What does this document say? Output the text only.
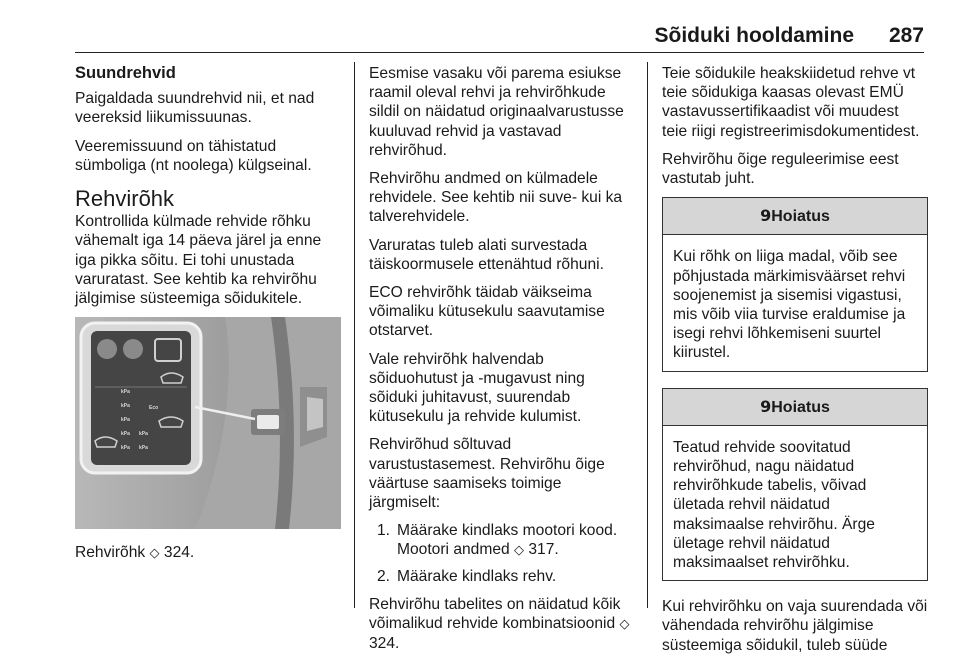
Sõiduki hooldamine 287
Suundrehvid

Paigaldada suundrehvid nii, et nad veereksid liikumissuunas.

Veeremissuund on tähistatud sümboliga (nt noolega) külgseinal.

Rehvirõhk

Kontrollida külmade rehvide rõhku vähemalt iga 14 päeva järel ja enne iga pikka sõitu. Ei tohi unustada varuratast. See kehtib ka rehvirõhu jälgimise süsteemiga sõidukitele.

kPa
kPa
kPa
kPa
kPa
kPa
kPa
Eco

Rehvirõhk ◇ 324.

Eesmise vasaku või parema esiukse raamil oleval rehvi ja rehvirõhkude sildil on näidatud originaalvarustusse kuuluvad rehvid ja vastavad rehvirõhud.

Rehvirõhu andmed on külmadele rehvidele. See kehtib nii suve- kui ka talverehvidele.

Varuratas tuleb alati survestada täiskoormusele ettenähtud rõhuni.

ECO rehvirõhk täidab väikseima võimaliku kütusekulu saavutamise otstarvet.

Vale rehvirõhk halvendab sõiduohutust ja -mugavust ning sõiduki juhitavust, suurendab kütusekulu ja rehvide kulumist.

Rehvirõhud sõltuvad varustustasemest. Rehvirõhu õige väärtuse saamiseks toimige järgmiselt:

1. Määrake kindlaks mootori kood. Mootori andmed ◇ 317.
2. Määrake kindlaks rehv.

Rehvirõhu tabelites on näidatud kõik võimalikud rehvide kombinatsioonid ◇ 324.

Teie sõidukile heakskiidetud rehve vt teie sõidukiga kaasas olevast EMÜ vastavussertifikaadist või muudest teie riigi registreerimisdokumentidest.

Rehvirõhu õige reguleerimise eest vastutab juht.

9Hoiatus

Kui rõhk on liiga madal, võib see põhjustada märkimisväärset rehvi soojenemist ja sisemisi vigastusi, mis võib viia turvise eraldumise ja isegi rehvi lõhkemiseni suurtel kiirustel.

9Hoiatus

Teatud rehvide soovitatud rehvirõhud, nagu näidatud rehvirõhkude tabelis, võivad ületada rehvil näidatud maksimaalse rehvirõhu. Ärge ületage rehvil näidatud maksimaalset rehvirõhku.

Kui rehvirõhku on vaja suurendada või vähendada rehvirõhu jälgimise süsteemiga sõidukil, tuleb süüde
